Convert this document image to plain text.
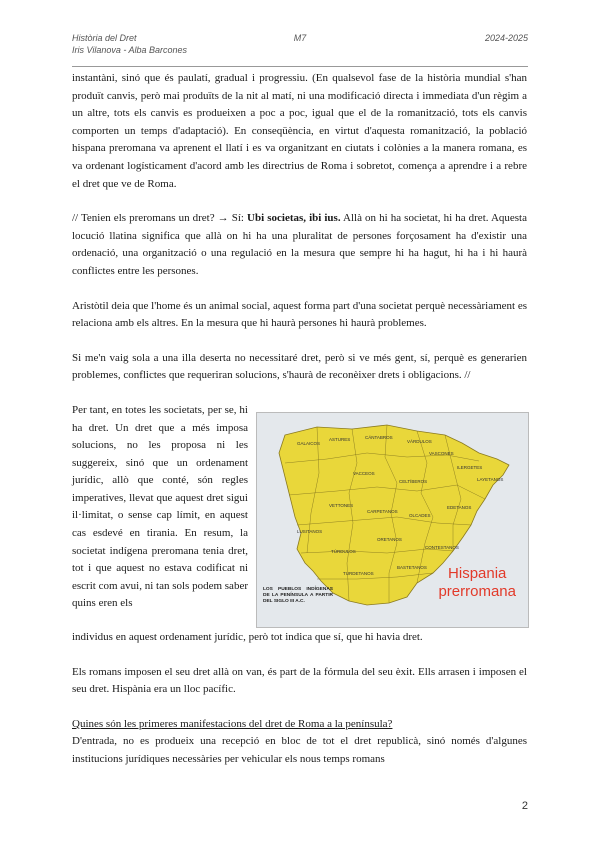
Història del Dret
Iris Vilanova - Alba Barcones
M7	2024-2025

instantàni, sinó que és paulatí, gradual i progressiu. (En qualsevol fase de la història mundial s'han produït canvis, però mai produïts de la nit al matí, ni una modificació directa i immediata d'un règim a un altre, tots els canvis es produeixen a poc a poc, igual que el de la romanització, tots els canvis comporten un temps d'adaptació). En conseqüència, en virtut d'aquesta romanització, la població hispana preromana va aprenent el llatí i es va organitzant en ciutats i colònies a la manera romana, es va ordenant logísticament d'acord amb les directrius de Roma i sobretot, comença a aprendre i a rebre el dret que ve de Roma.

// Tenien els preromans un dret? → Sí: Ubi societas, ibi ius. Allà on hi ha societat, hi ha dret. Aquesta locució llatina significa que allà on hi ha una pluralitat de persones forçosament ha d'existir una ordenació, una organització o una regulació en la mesura que sempre hi ha hagut, hi ha i hi haurà conflictes entre les persones.

Aristòtil deia que l'home és un animal social, aquest forma part d'una societat perquè necessàriament es relaciona amb els altres. En la mesura que hi haurà persones hi haurà problemes.

Si me'n vaig sola a una illa deserta no necessitaré dret, però si ve més gent, sí, perquè es generarien problemes, conflictes que requeriran solucions, s'haurà de reconèixer drets i obligacions. //

Per tant, en totes les societats, per se, hi ha dret. Un dret que a més imposa solucions, no les proposa ni les suggereix, sinó que un ordenament jurídic, allò que conté, són regles imperatives, llevat que aquest dret sigui il·limitat, o sense cap límit, en aquest cas esdevé en tirania. En resum, la societat indígena preromana tenia dret, tot i que aquest no estava codificat ni escrit com avui, ni tan sols podem saber quins eren els
GALAICOS
ASTURES	CÁNTABROS
VÁRDULOS
VASCONES
ILERGETES
LAYETANOS
CELTÍBEROS
VACCEOS
VETTONES
LUSITANOS
CARPETANOS
OLCADES
ORETANOS
CONTESTANOS
BASTETANOS
TURDETANOS
TÚRDULOS
EDETANOS
LOS PUEBLOS INDÍGENAS DE LA PENÍNSULA A PARTIR DEL SIGLO III A.C.
Hispania
prerromana

individus en aquest ordenament jurídic, però tot indica que sí, que hi havia dret.

Els romans imposen el seu dret allà on van, és part de la fórmula del seu èxit. Ells arrasen i imposen el seu dret. Hispània era un lloc pacífic.

Quines són les primeres manifestacions del dret de Roma a la península?

D'entrada, no es produeix una recepció en bloc de tot el dret republicà, sinó només d'algunes institucions jurídiques necessàries per vehicular els nous temps romans

2
